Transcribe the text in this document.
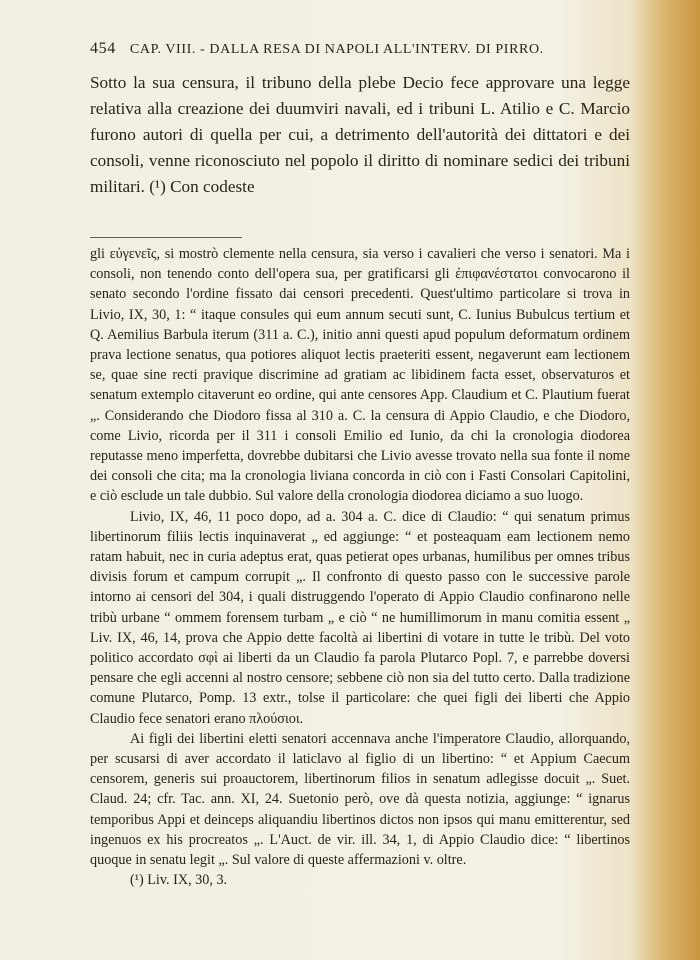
454 CAP. VIII. - DALLA RESA DI NAPOLI ALL'INTERV. DI PIRRO.

Sotto la sua censura, il tribuno della plebe Decio fece approvare una legge relativa alla creazione dei duumviri navali, ed i tribuni L. Atilio e C. Marcio furono autori di quella per cui, a detrimento dell'autorità dei dittatori e dei consoli, venne riconosciuto nel popolo il diritto di nominare sedici dei tribuni militari. (¹) Con codeste

gli εὐγενεῖς, si mostrò clemente nella censura, sia verso i cavalieri che verso i senatori. Ma i consoli, non tenendo conto dell'opera sua, per gratificarsi gli ἐπιφανέστατοι convocarono il senato secondo l'ordine fissato dai censori precedenti. Quest'ultimo particolare si trova in Livio, IX, 30, 1: “ itaque consules qui eum annum secuti sunt, C. Iunius Bubulcus tertium et Q. Aemilius Barbula iterum (311 a. C.), initio anni questi apud populum deformatum ordinem prava lectione senatus, qua potiores aliquot lectis praeteriti essent, negaverunt eam lectionem se, quae sine recti pravique discrimine ad gratiam ac libidinem facta esset, observaturos et senatum extemplo citaverunt eo ordine, qui ante censores App. Claudium et C. Plautium fuerat „. Considerando che Diodoro fissa al 310 a. C. la censura di Appio Claudio, e che Diodoro, come Livio, ricorda per il 311 i consoli Emilio ed Iunio, da chi la cronologia diodorea reputasse meno imperfetta, dovrebbe dubitarsi che Livio avesse trovato nella sua fonte il nome dei consoli che cita; ma la cronologia liviana concorda in ciò con i Fasti Consolari Capitolini, e ciò esclude un tale dubbio. Sul valore della cronologia diodorea diciamo a suo luogo.

Livio, IX, 46, 11 poco dopo, ad a. 304 a. C. dice di Claudio: “ qui senatum primus libertinorum filiis lectis inquinaverat „ ed aggiunge: “ et posteaquam eam lectionem nemo ratam habuit, nec in curia adeptus erat, quas petierat opes urbanas, humilibus per omnes tribus divisis forum et campum corrupit „. Il confronto di questo passo con le successive parole intorno ai censori del 304, i quali distruggendo l'operato di Appio Claudio confinarono nelle tribù urbane “ ommem forensem turbam „ e ciò “ ne humillimorum in manu comitia essent „ Liv. IX, 46, 14, prova che Appio dette facoltà ai libertini di votare in tutte le tribù. Del voto politico accordato σφὶ ai liberti da un Claudio fa parola Plutarco Popl. 7, e parrebbe doversi pensare che egli accenni al nostro censore; sebbene ciò non sia del tutto certo. Dalla tradizione comune Plutarco, Pomp. 13 extr., tolse il particolare: che quei figli dei liberti che Appio Claudio fece senatori erano πλούσιοι.

Ai figli dei libertini eletti senatori accennava anche l'imperatore Claudio, allorquando, per scusarsi di aver accordato il laticlavo al figlio di un libertino: “ et Appium Caecum censorem, generis sui proauctorem, libertinorum filios in senatum adlegisse docuit „. Suet. Claud. 24; cfr. Tac. ann. XI, 24. Suetonio però, ove dà questa notizia, aggiunge: “ ignarus temporibus Appi et deinceps aliquandiu libertinos dictos non ipsos qui manu emitterentur, sed ingenuos ex his procreatos „. L'Auct. de vir. ill. 34, 1, di Appio Claudio dice: “ libertinos quoque in senatu legit „. Sul valore di queste affermazioni v. oltre.

(¹) Liv. IX, 30, 3.
